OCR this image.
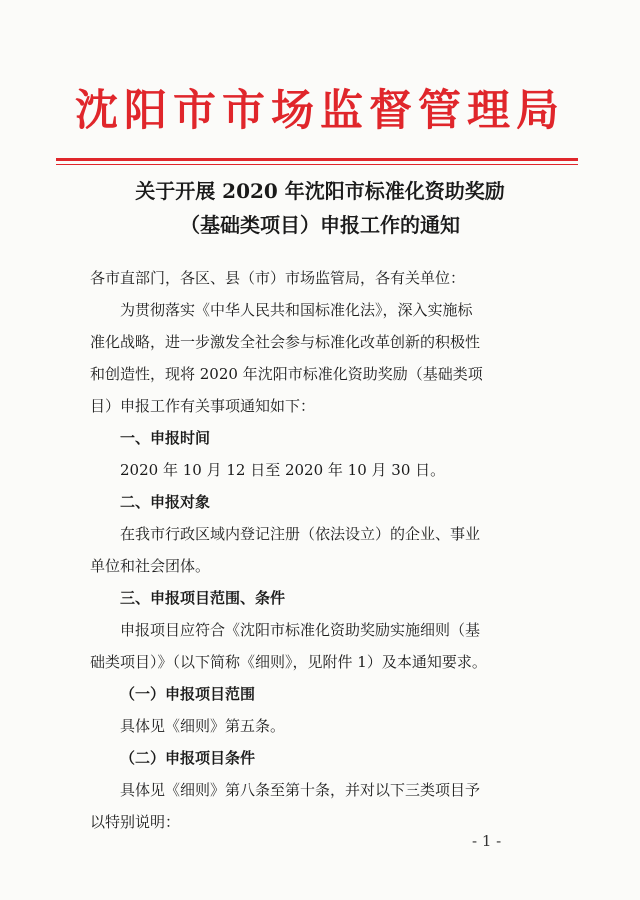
沈阳市市场监督管理局
关于开展 2020 年沈阳市标准化资助奖励
（基础类项目）申报工作的通知

各市直部门，各区、县（市）市场监管局，各有关单位：

为贯彻落实《中华人民共和国标准化法》，深入实施标

准化战略，进一步激发全社会参与标准化改革创新的积极性

和创造性，现将 2020 年沈阳市标准化资助奖励（基础类项

目）申报工作有关事项通知如下：

一、申报时间

2020 年 10 月 12 日至 2020 年 10 月 30 日。

二、申报对象

在我市行政区域内登记注册（依法设立）的企业、事业

单位和社会团体。

三、申报项目范围、条件

申报项目应符合《沈阳市标准化资助奖励实施细则（基

础类项目）》（以下简称《细则》，见附件 1）及本通知要求。

（一）申报项目范围

具体见《细则》第五条。

（二）申报项目条件

具体见《细则》第八条至第十条，并对以下三类项目予

以特别说明：

- 1 -
